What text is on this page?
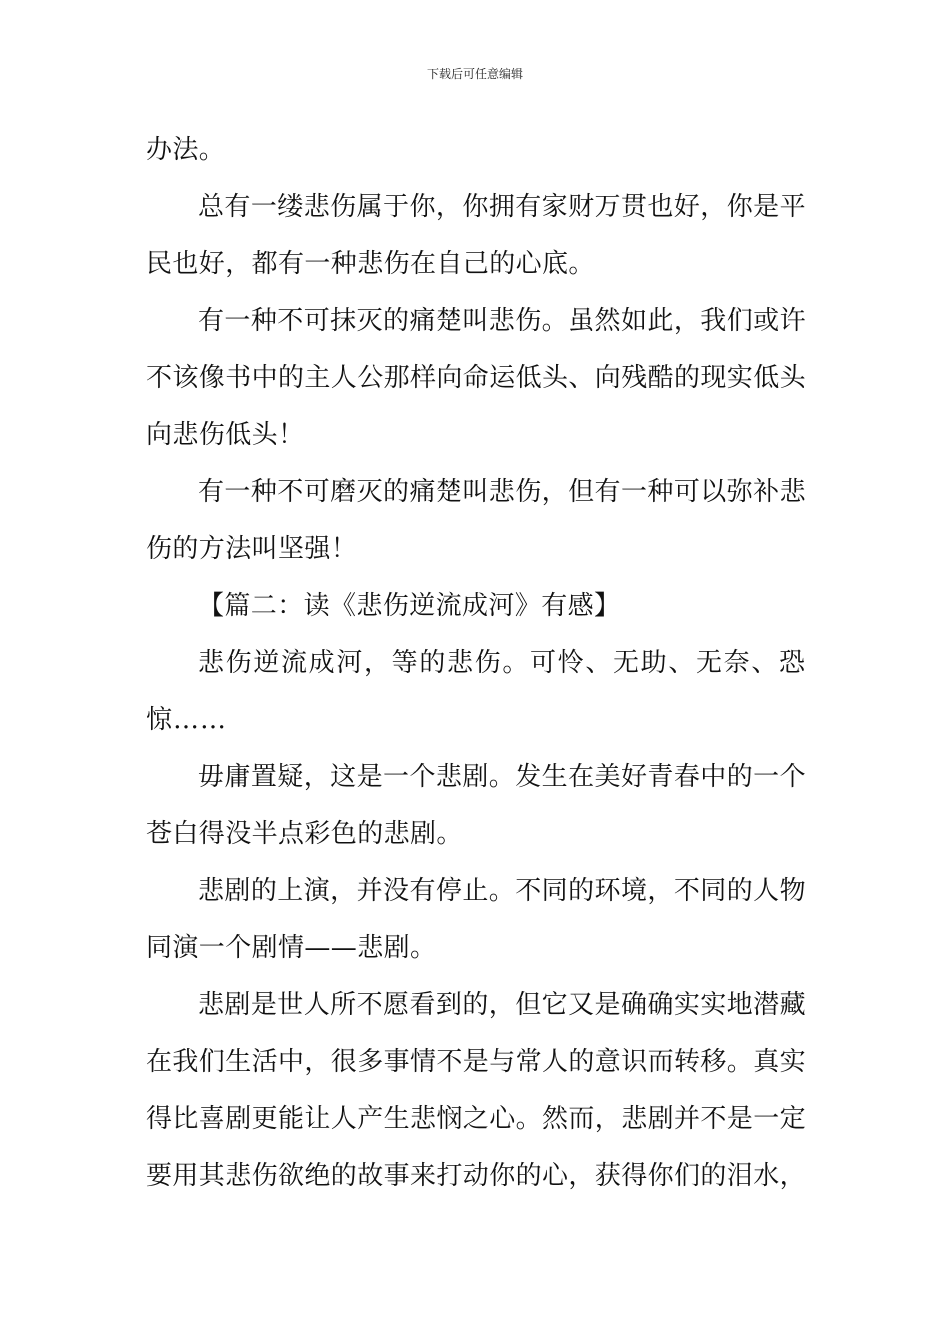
下载后可任意编辑

办法。

总有一缕悲伤属于你，你拥有家财万贯也好，你是平民也好，都有一种悲伤在自己的心底。

有一种不可抹灭的痛楚叫悲伤。虽然如此，我们或许不该像书中的主人公那样向命运低头、向残酷的现实低头向悲伤低头！

有一种不可磨灭的痛楚叫悲伤，但有一种可以弥补悲伤的方法叫坚强！

【篇二：读《悲伤逆流成河》有感】

悲伤逆流成河，等的悲伤。可怜、无助、无奈、恐惊……

毋庸置疑，这是一个悲剧。发生在美好青春中的一个苍白得没半点彩色的悲剧。

悲剧的上演，并没有停止。不同的环境，不同的人物同演一个剧情——悲剧。

悲剧是世人所不愿看到的，但它又是确确实实地潜藏在我们生活中，很多事情不是与常人的意识而转移。真实得比喜剧更能让人产生悲悯之心。然而，悲剧并不是一定要用其悲伤欲绝的故事来打动你的心，获得你们的泪水，
